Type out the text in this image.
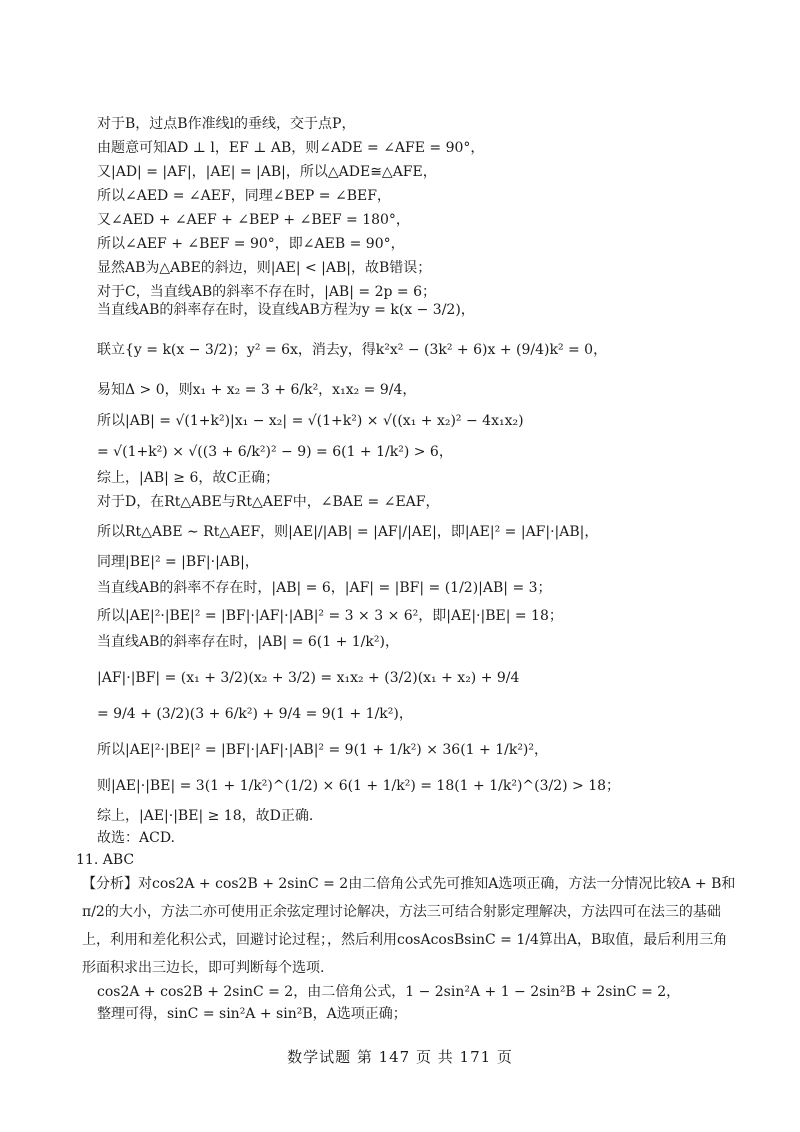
对于B，过点B作准线l的垂线，交于点P，
由题意可知AD ⊥ l，EF ⊥ AB，则∠ADE = ∠AFE = 90°，
又|AD| = |AF|，|AE| = |AB|，所以△ADE≅△AFE，
所以∠AED = ∠AEF，同理∠BEP = ∠BEF，
又∠AED + ∠AEF + ∠BEP + ∠BEF = 180°，
所以∠AEF + ∠BEF = 90°，即∠AEB = 90°，
显然AB为△ABE的斜边，则|AE| < |AB|，故B错误；
对于C，当直线AB的斜率不存在时，|AB| = 2p = 6；
当直线AB的斜率存在时，设直线AB方程为y = k(x − 3/2)，
联立{y = k(x − 3/2)；y² = 6x，消去y，得k²x² − (3k² + 6)x + (9/4)k² = 0，
易知Δ > 0，则x₁ + x₂ = 3 + 6/k²，x₁x₂ = 9/4，
所以|AB| = √(1+k²)|x₁ − x₂| = √(1+k²) × √((x₁ + x₂)² − 4x₁x₂)
= √(1+k²) × √((3 + 6/k²)² − 9) = 6(1 + 1/k²) > 6，
综上，|AB| ≥ 6，故C正确；
对于D，在Rt△ABE与Rt△AEF中，∠BAE = ∠EAF，
所以Rt△ABE ∼ Rt△AEF，则|AE|/|AB| = |AF|/|AE|，即|AE|² = |AF|·|AB|，
同理|BE|² = |BF|·|AB|，
当直线AB的斜率不存在时，|AB| = 6，|AF| = |BF| = (1/2)|AB| = 3；
所以|AE|²·|BE|² = |BF|·|AF|·|AB|² = 3 × 3 × 6²，即|AE|·|BE| = 18；
当直线AB的斜率存在时，|AB| = 6(1 + 1/k²)，
|AF|·|BF| = (x₁ + 3/2)(x₂ + 3/2) = x₁x₂ + (3/2)(x₁ + x₂) + 9/4
= 9/4 + (3/2)(3 + 6/k²) + 9/4 = 9(1 + 1/k²)，
所以|AE|²·|BE|² = |BF|·|AF|·|AB|² = 9(1 + 1/k²) × 36(1 + 1/k²)²，
则|AE|·|BE| = 3(1 + 1/k²)^(1/2) × 6(1 + 1/k²) = 18(1 + 1/k²)^(3/2) > 18；
综上，|AE|·|BE| ≥ 18，故D正确.
故选：ACD.
11. ABC
【分析】对cos2A + cos2B + 2sinC = 2由二倍角公式先可推知A选项正确，方法一分情况比较A + B和π/2的大小，方法二亦可使用正余弦定理讨论解决，方法三可结合射影定理解决，方法四可在法三的基础上，利用和差化积公式，回避讨论过程；，然后利用cosAcosBsinC = 1/4算出A，B取值，最后利用三角形面积求出三边长，即可判断每个选项.
cos2A + cos2B + 2sinC = 2，由二倍角公式，1 − 2sin²A + 1 − 2sin²B + 2sinC = 2，
整理可得，sinC = sin²A + sin²B，A选项正确；
数学试题 第 147 页 共 171 页
